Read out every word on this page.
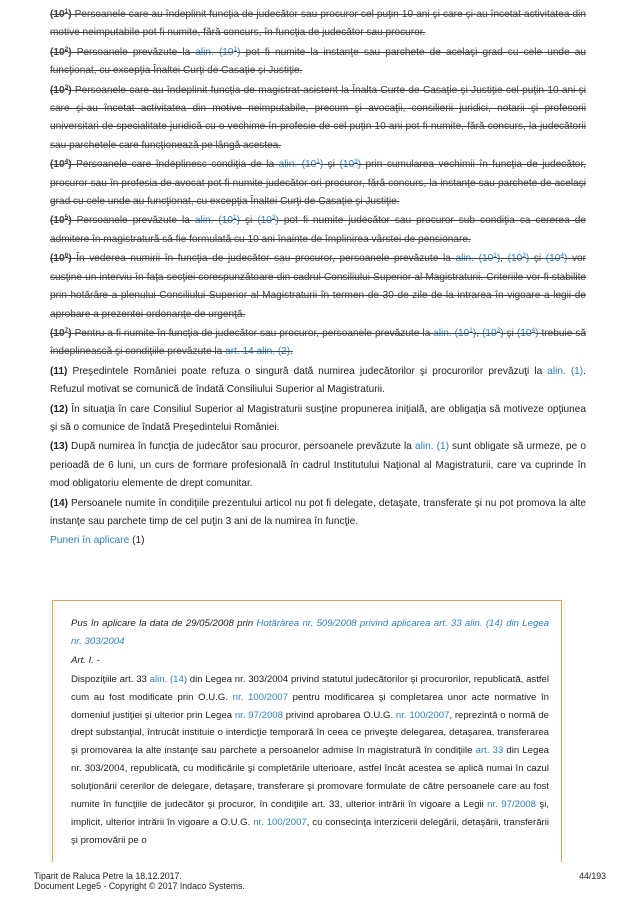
$(10^1)$ Persoanele care au îndeplinit funcţia de judecător sau procuror cel puţin 10 ani şi care şi-au încetat activitatea din motive neimputabile pot fi numite, fără concurs, în funcţia de judecător sau procuror.

$(10^2)$ Persoanele prevăzute la alin. $(10^1)$ pot fi numite la instanţe sau parchete de acelaşi grad cu cele unde au funcţionat, cu excepţia Înaltei Curţi de Casaţie şi Justiţie.

$(10^3)$ Persoanele care au îndeplinit funcţia de magistrat-asistent la Înalta Curte de Casaţie şi Justiţie cel puţin 10 ani şi care şi-au încetat activitatea din motive neimputabile, precum şi avocaţii, consilierii juridici, notarii şi profesorii universitari de specialitate juridică cu o vechime în profesie de cel puţin 10 ani pot fi numite, fără concurs, la judecătorii sau parchetele care funcţionează pe lângă acestea.

$(10^4)$ Persoanele care îndeplinesc condiţia de la alin. $(10^1)$ şi $(10^3)$ prin cumularea vechimii în funcţia de judecător, procuror sau în profesia de avocat pot fi numite judecător ori procuror, fără concurs, la instanţe sau parchete de acelaşi grad cu cele unde au funcţionat, cu excepţia Înaltei Curţi de Casaţie şi Justiţie.

$(10^5)$ Persoanele prevăzute la alin. $(10^1)$ şi $(10^3)$ pot fi numite judecător sau procuror sub condiţia ca cererea de admitere în magistratură să fie formulată cu 10 ani înainte de împlinirea vârstei de pensionare.

$(10^6)$ În vederea numirii în funcţia de judecător sau procuror, persoanele prevăzute la alin. $(10^1)$, $(10^3)$ şi $(10^4)$ vor susţine un interviu în faţa secţiei corespunzătoare din cadrul Consiliului Superior al Magistraturii. Criteriile vor fi stabilite prin hotărâre a plenului Consiliului Superior al Magistraturii în termen de 30 de zile de la intrarea în vigoare a legii de aprobare a prezentei ordonanţe de urgenţă.

$(10^7)$ Pentru a fi numite în funcţia de judecător sau procuror, persoanele prevăzute la alin. $(10^1)$, $(10^3)$ şi $(10^4)$ trebuie să îndeplinească şi condiţiile prevăzute la art. 14 alin. (2).

(11) Preşedintele României poate refuza o singură dată numirea judecătorilor şi procurorilor prevăzuţi la alin. (1). Refuzul motivat se comunică de îndată Consiliului Superior al Magistraturii.

(12) În situaţia în care Consiliul Superior al Magistraturii susţine propunerea iniţială, are obligaţia să motiveze opţiunea şi să o comunice de îndată Preşedintelui României.

(13) După numirea în funcţia de judecător sau procuror, persoanele prevăzute la alin. (1) sunt obligate să urmeze, pe o perioadă de 6 luni, un curs de formare profesională în cadrul Institutului Naţional al Magistraturii, care va cuprinde în mod obligatoriu elemente de drept comunitar.

(14) Persoanele numite în condiţiile prezentului articol nu pot fi delegate, detaşate, transferate şi nu pot promova la alte instanţe sau parchete timp de cel puţin 3 ani de la numirea în funcţie.

Puneri în aplicare (1)

Pus în aplicare la data de 29/05/2008 prin Hotărârea nr. 509/2008 privind aplicarea art. 33 alin. (14) din Legea nr. 303/2004

Art. I. -

Dispoziţiile art. 33 alin. (14) din Legea nr. 303/2004 privind statutul judecătorilor şi procurorilor, republicată, astfel cum au fost modificate prin O.U.G. nr. 100/2007 pentru modificarea şi completarea unor acte normative în domeniul justiţiei şi ulterior prin Legea nr. 97/2008 privind aprobarea O.U.G. nr. 100/2007, reprezintă o normă de drept substanţial, întrucât instituie o interdicţie temporară în ceea ce priveşte delegarea, detaşarea, transferarea şi promovarea la alte instanţe sau parchete a persoanelor admise în magistratură în condiţiile art. 33 din Legea nr. 303/2004, republicată, cu modificările şi completările ulterioare, astfel încât acestea se aplică numai în cazul soluţionării cererilor de delegare, detaşare, transferare şi promovare formulate de către persoanele care au fost numite în funcţiile de judecător şi procuror, în condiţiile art. 33, ulterior intrării în vigoare a Legii nr. 97/2008 şi, implicit, ulterior intrării în vigoare a O.U.G. nr. 100/2007, cu consecinţa interzicerii delegării, detaşării, transferării şi promovării pe o

Tiparit de Raluca Petre la 18.12.2017.
Document Lege5 - Copyright © 2017 Indaco Systems.
44/193
